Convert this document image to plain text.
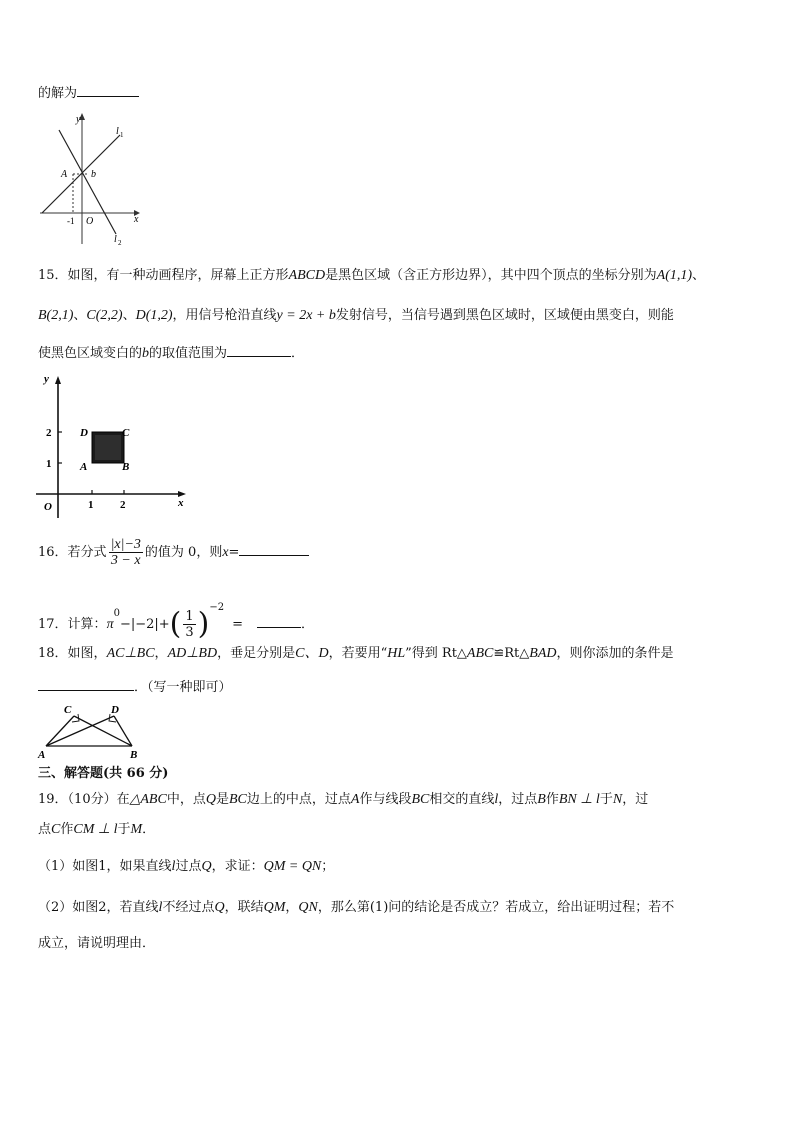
的解为
y
x
l 1
l 2
A b
-1 O
15．如图，有一种动画程序，屏幕上正方形ABCD是黑色区域（含正方形边界），其中四个顶点的坐标分别为A(1,1)、
B(2,1)、C(2,2)、D(1,2)，用信号枪沿直线y = 2x + b发射信号，当信号遇到黑色区域时，区域便由黑变白，则能
使黑色区域变白的b的取值范围为	．
y
x
2
1
O
D	C
A	B
1 2
16．若分式 $\frac{|x|-3}{3 - x}$ 的值为 0，则x=
17．计算：$\pi^0-|-2|+( \frac{1}{3} )^{-2}=$	．
18．如图，AC⊥BC，AD⊥BD，垂足分别是C、D，若要用“HL”得到 Rt△ABC≌Rt△BAD，则你添加的条件是
．（写一种即可）
C	D
A	B
三、解答题(共 66 分)
19．（10分）在△ABC中，点Q是BC边上的中点，过点A作与线段BC相交的直线l，过点B作BN ⊥ l于N，过
点C作CM ⊥ l于M．
（1）如图1，如果直线l过点Q，求证：QM = QN；
（2）如图2，若直线l不经过点Q，联结QM，QN，那么第(1)问的结论是否成立？若成立，给出证明过程；若不
成立，请说明理由．
